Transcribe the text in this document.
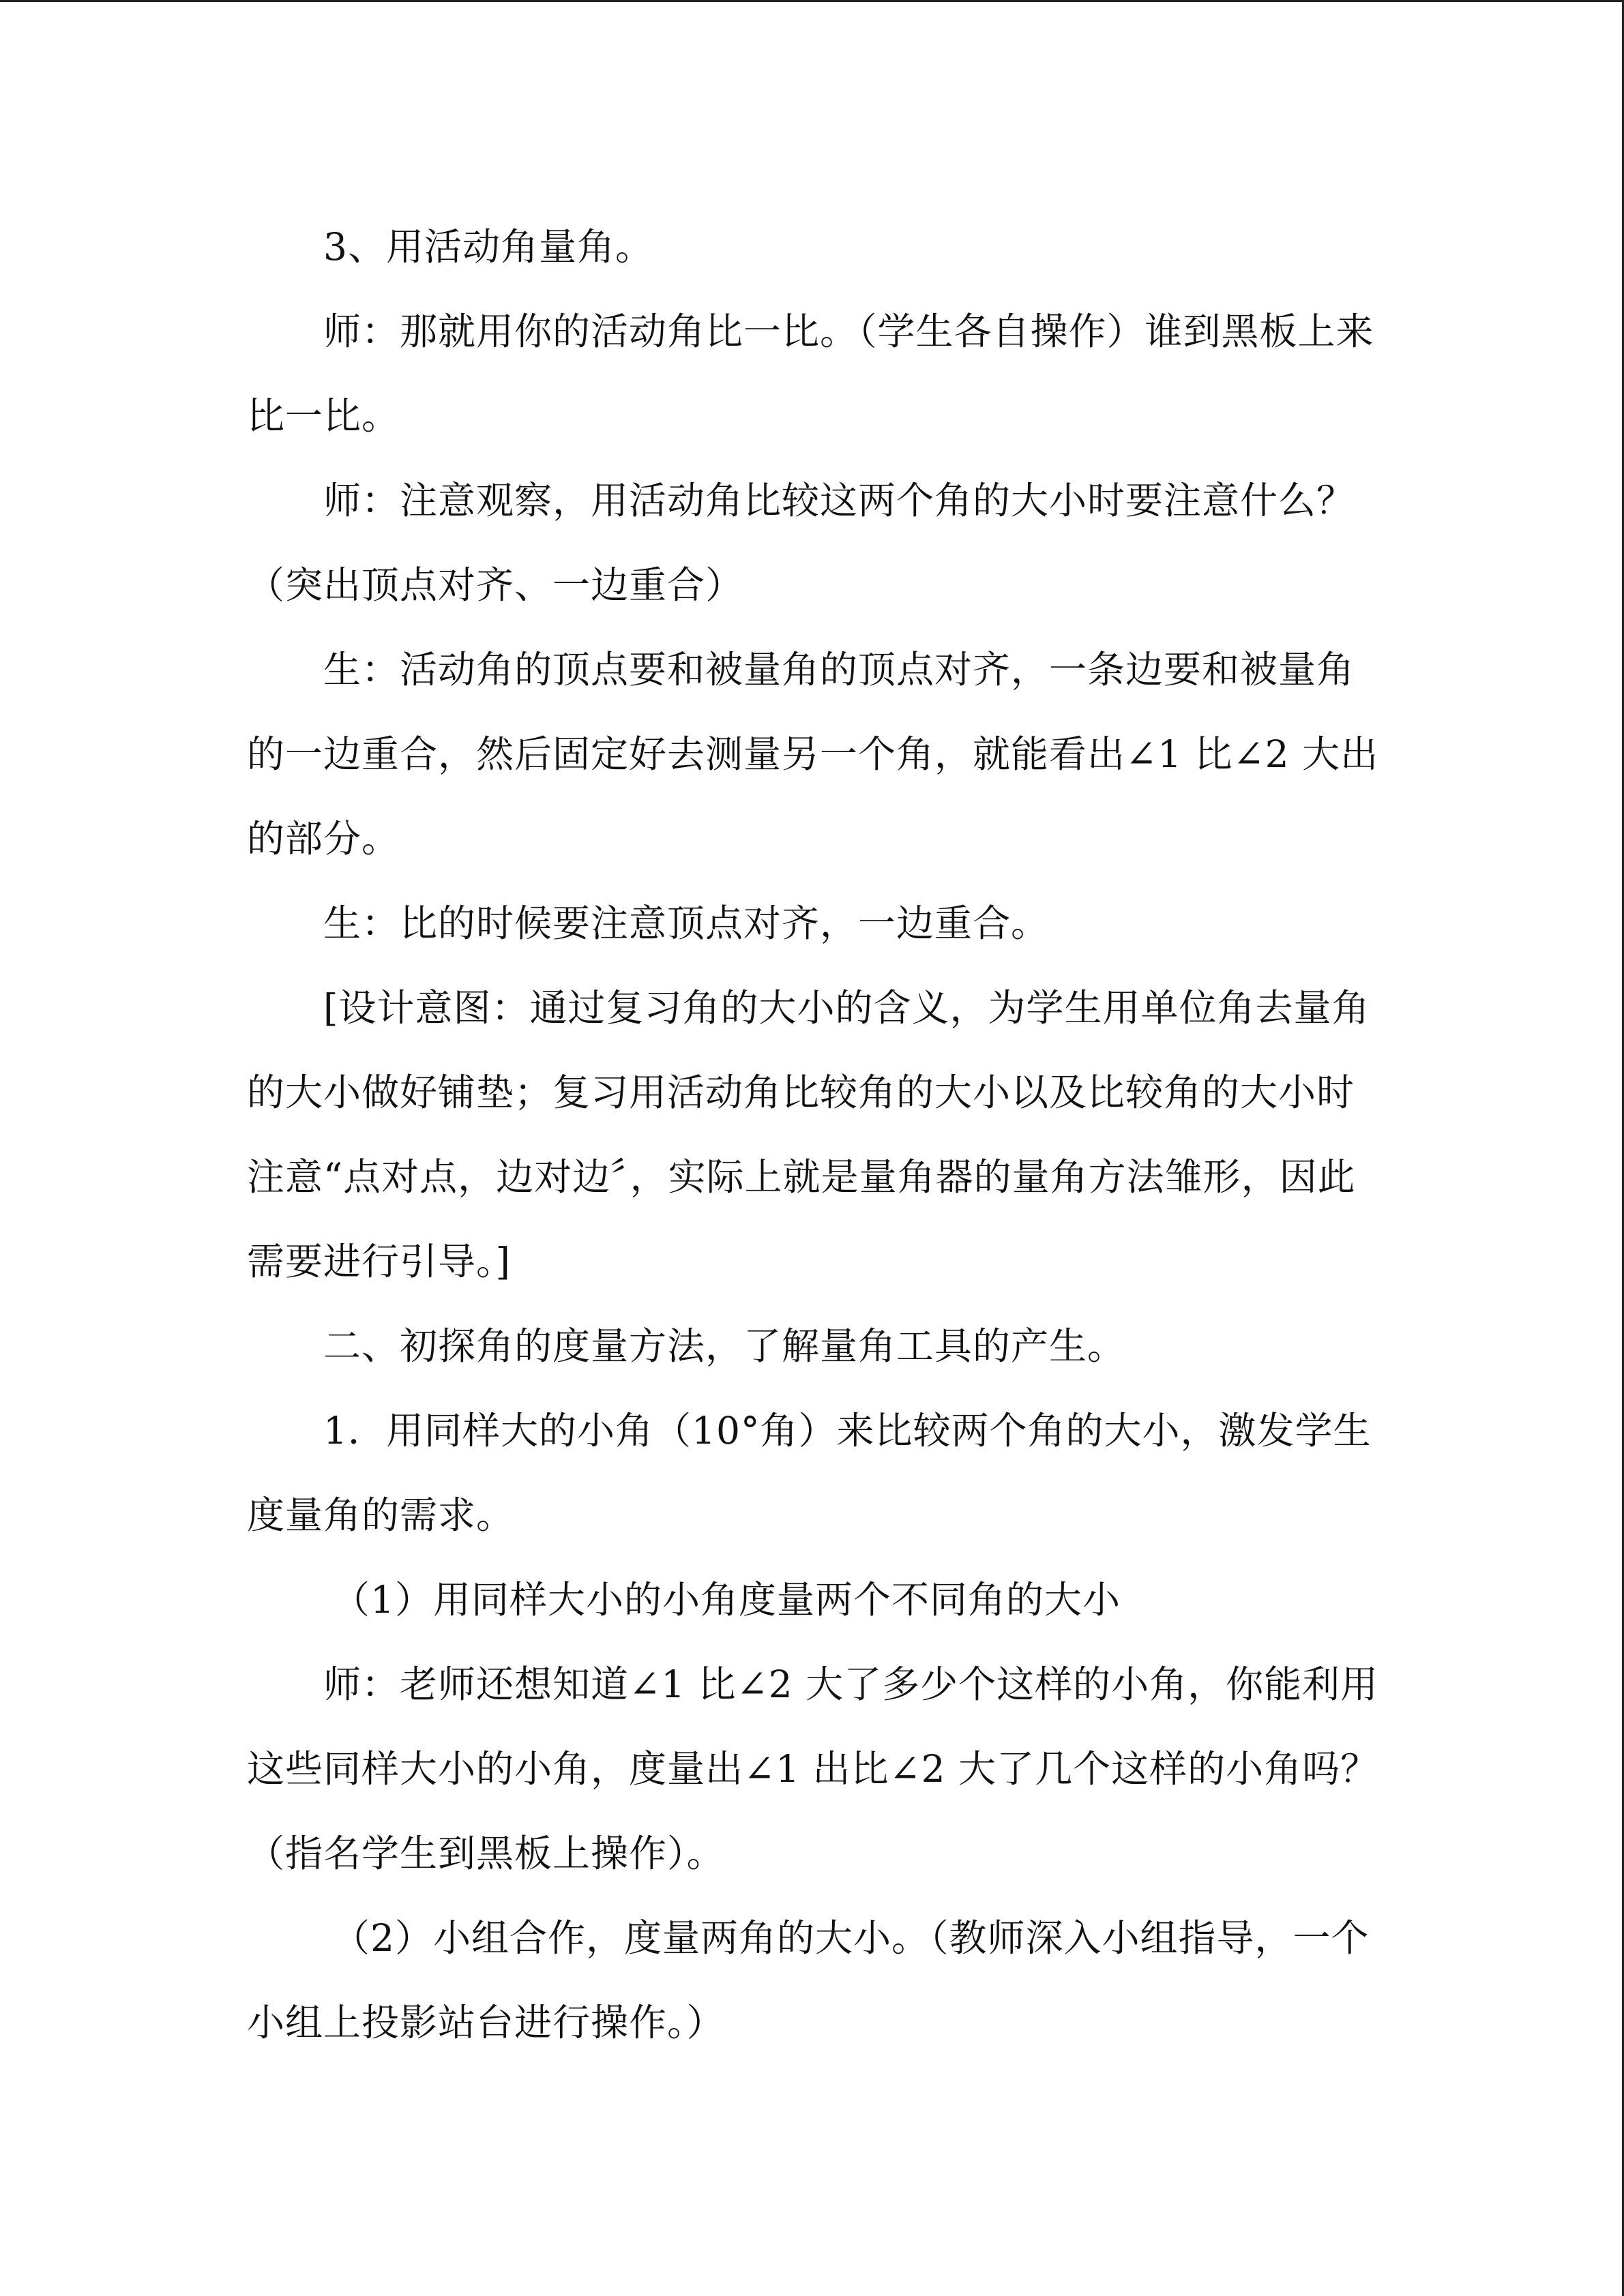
3、用活动角量角。

师：那就用你的活动角比一比。（学生各自操作）谁到黑板上来比一比。

师：注意观察，用活动角比较这两个角的大小时要注意什么？（突出顶点对齐、一边重合）

生：活动角的顶点要和被量角的顶点对齐，一条边要和被量角的一边重合，然后固定好去测量另一个角，就能看出∠1 比∠2 大出的部分。

生：比的时候要注意顶点对齐，一边重合。

[设计意图：通过复习角的大小的含义，为学生用单位角去量角的大小做好铺垫；复习用活动角比较角的大小以及比较角的大小时注意“点对点，边对边〞，实际上就是量角器的量角方法雏形，因此需要进行引导。]

二、初探角的度量方法，了解量角工具的产生。

1．用同样大的小角（10°角）来比较两个角的大小，激发学生度量角的需求。

（1）用同样大小的小角度量两个不同角的大小

师：老师还想知道∠1 比∠2 大了多少个这样的小角，你能利用这些同样大小的小角，度量出∠1 出比∠2 大了几个这样的小角吗？（指名学生到黑板上操作）。

（2）小组合作，度量两角的大小。（教师深入小组指导，一个小组上投影站台进行操作。）
